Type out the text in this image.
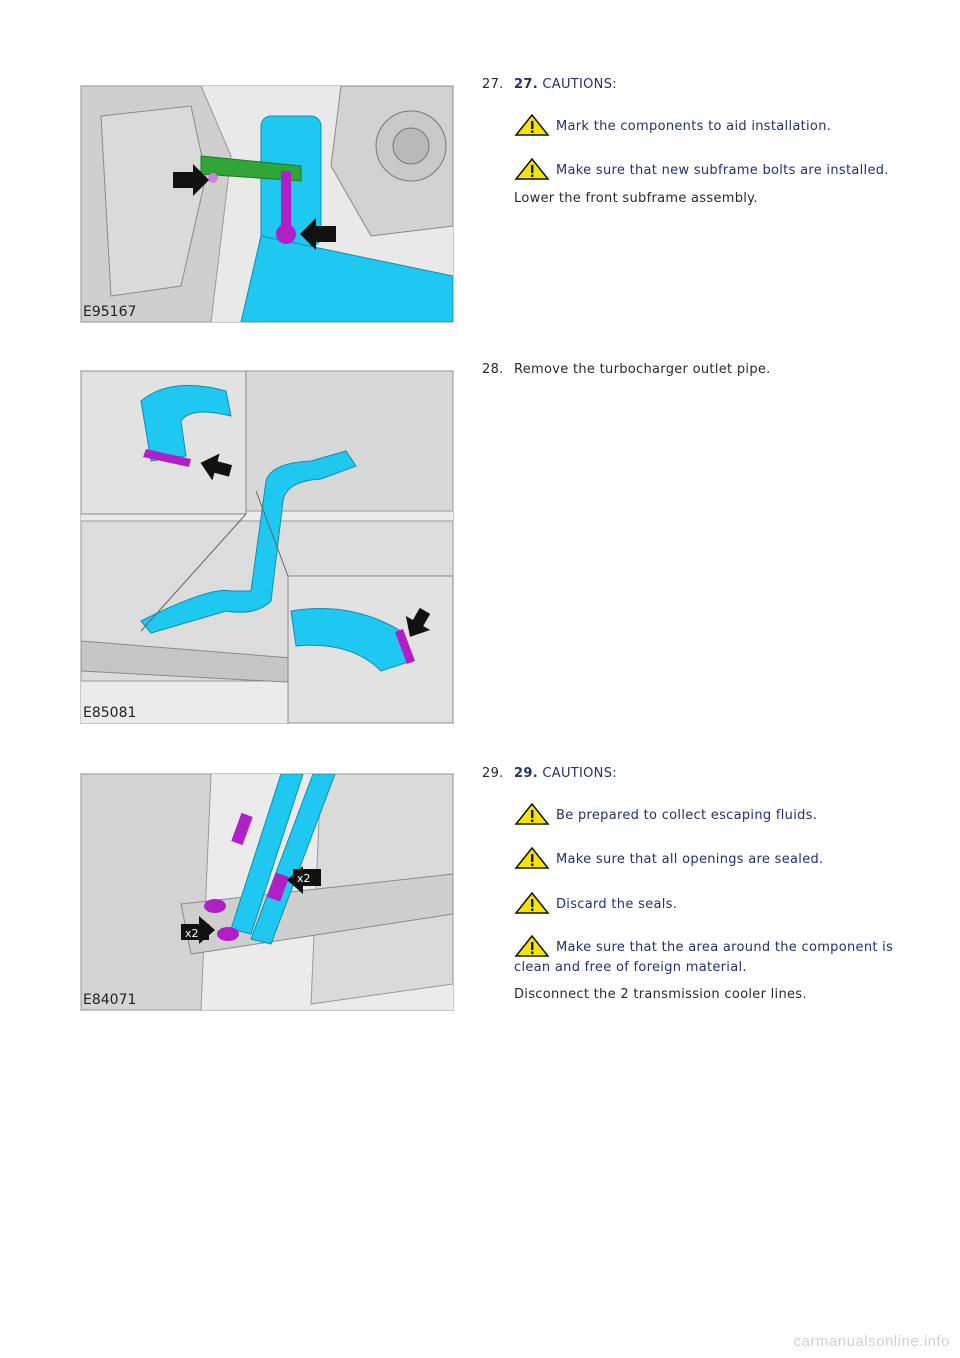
E95167
27. 27. CAUTIONS:
Mark the components to aid installation.
Make sure that new subframe bolts are installed.
Lower the front subframe assembly.
E85081
28. Remove the turbocharger outlet pipe.
x2
x2
E84071
29. 29. CAUTIONS:
Be prepared to collect escaping fluids.
Make sure that all openings are sealed.
Discard the seals.
Make sure that the area around the component is clean and free of foreign material.
Disconnect the 2 transmission cooler lines.
carmanualsonline.info
